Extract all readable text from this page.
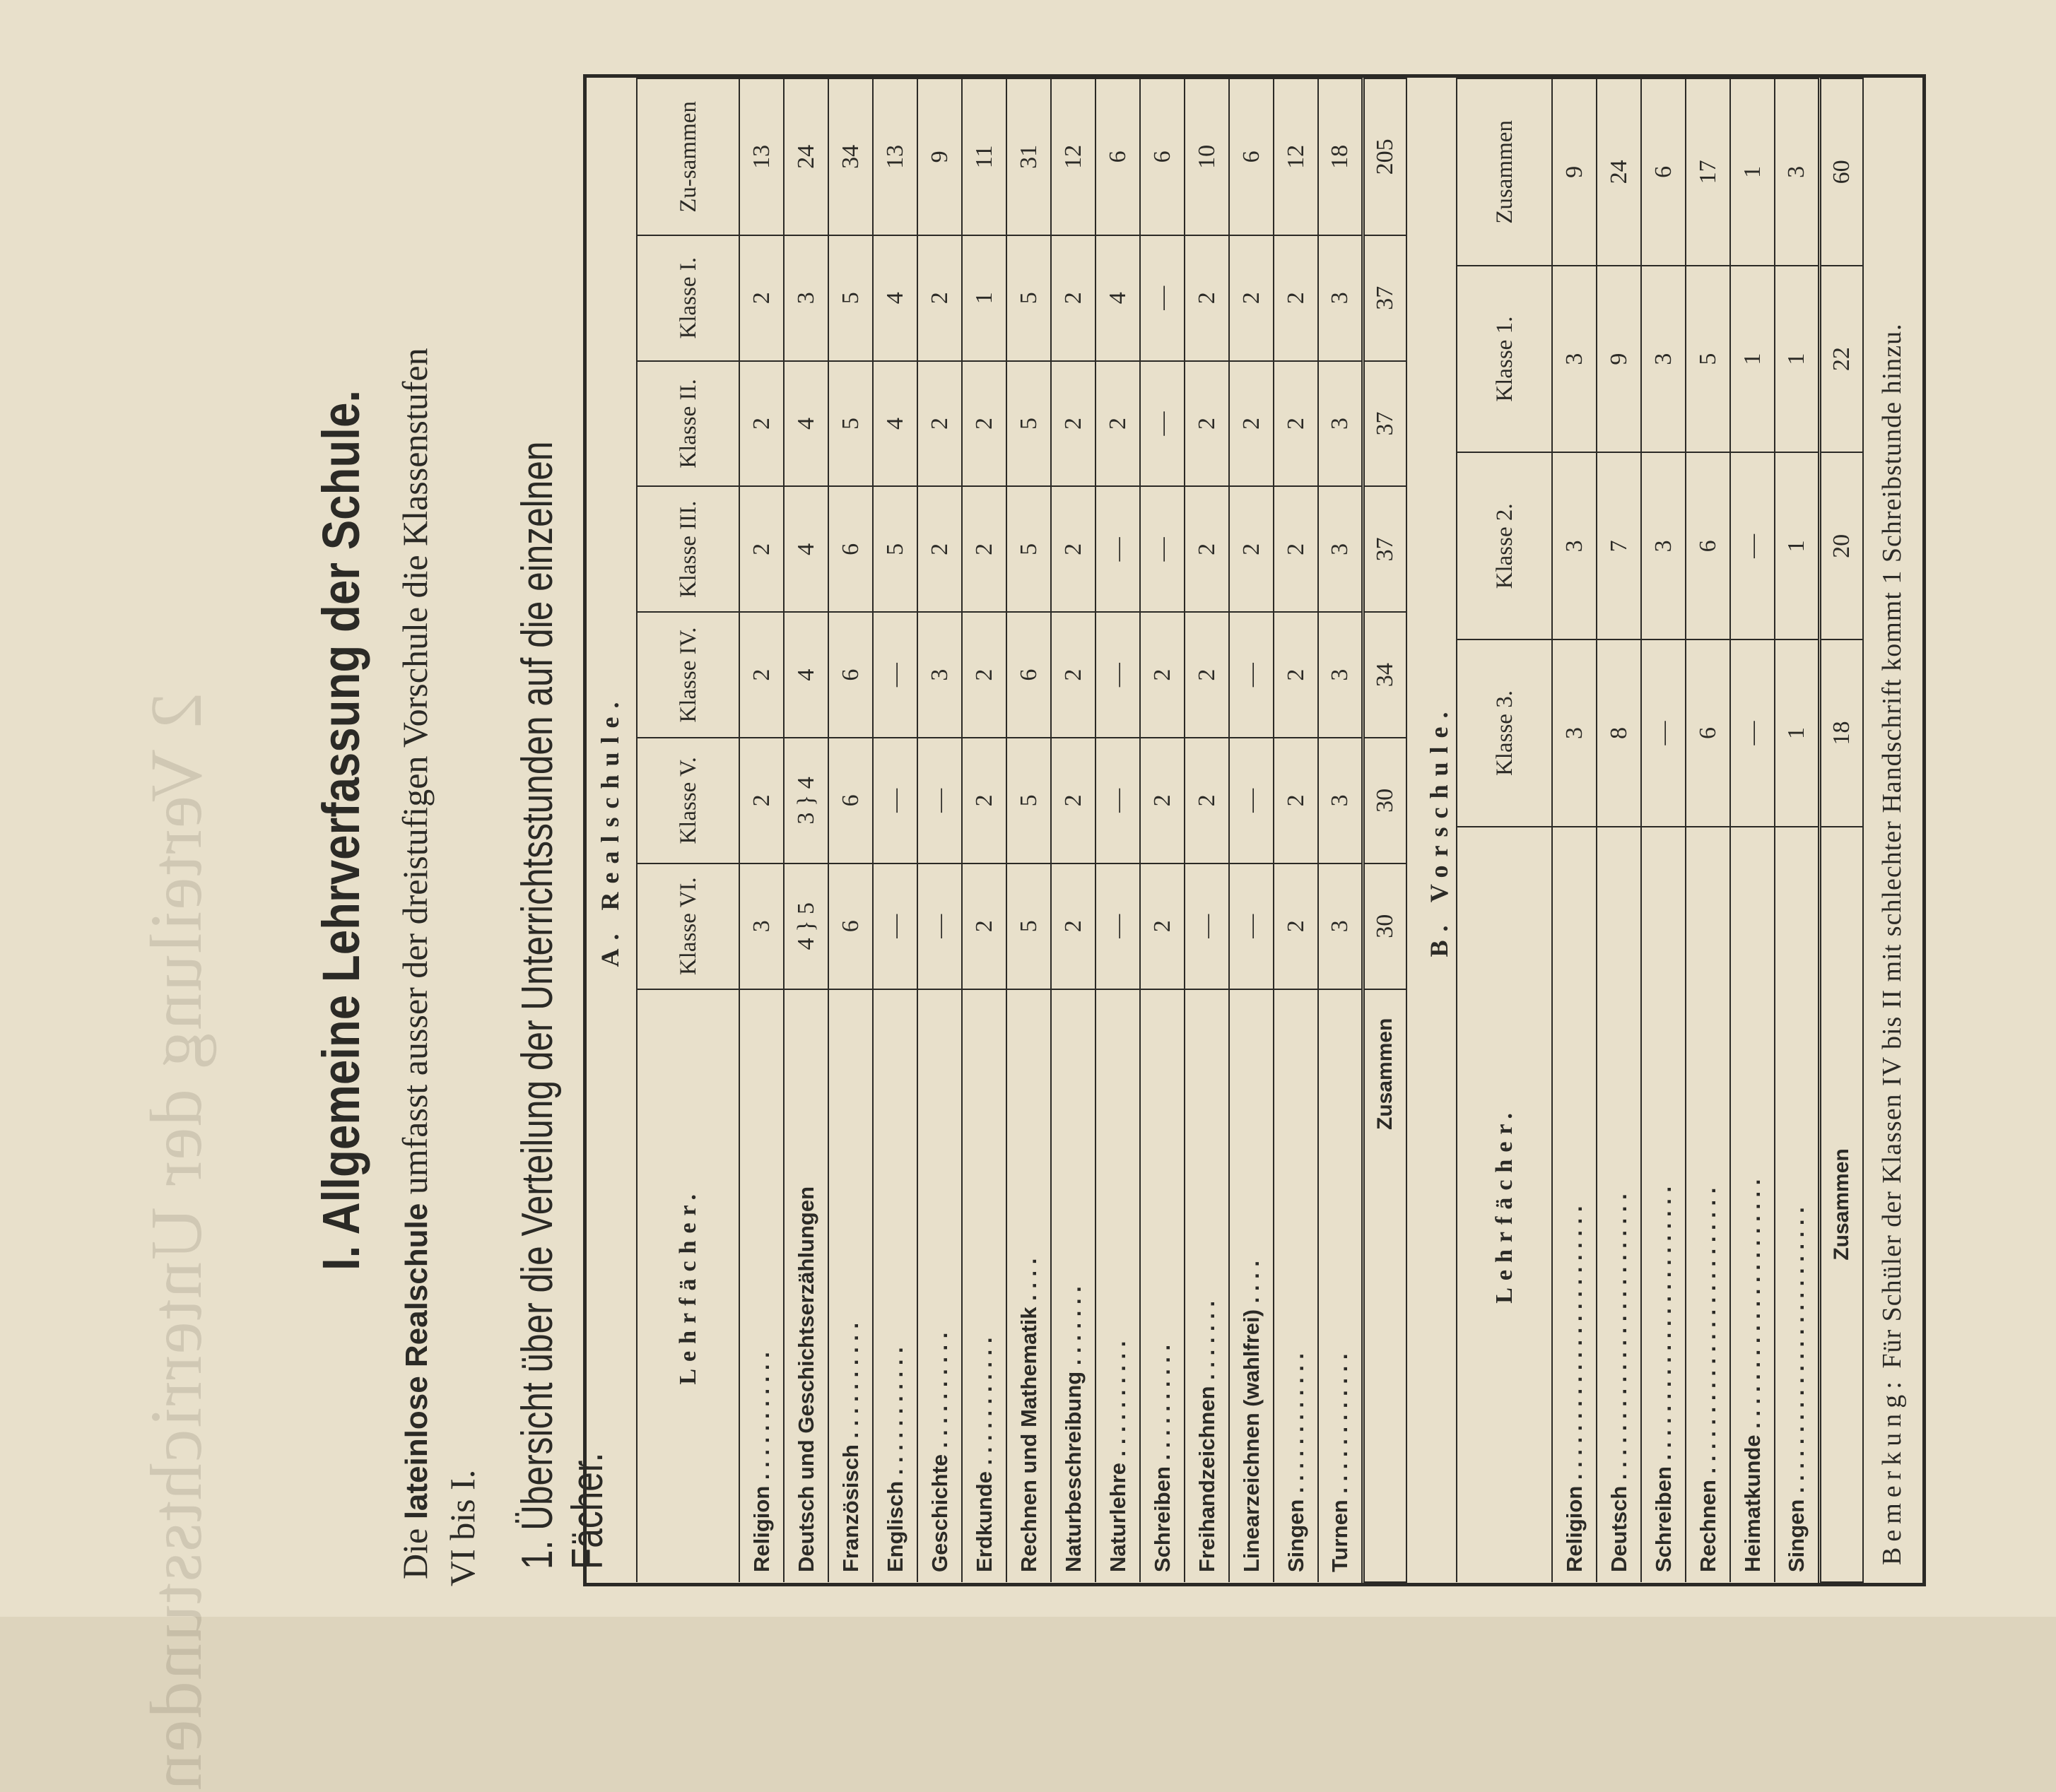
2 Verteilung der Unterrichtsstunden I. Allgemeine Lehrverfassung der Schule.
Die lateinlose Realschule umfasst ausser der dreistufigen Vorschule die Klassenstufen
VI bis I. 1. Übersicht über die Verteilung der Unterrichtsstunden auf die einzelnen Fächer.
A. Realschule.
Lehrfächer.	Klasse VI.	Klasse V.	Klasse IV.	Klasse III.	Klasse II.	Klasse I.	Zu-sammen
Religion . . . . . . . . . . .	3	2	2	2	2	2	13
Deutsch und Geschichtserzählungen	4 } 5	3 } 4	4	4	4	3	24
Französisch . . . . . . . . . .	6	6	6	6	5	5	34
Englisch . . . . . . . . . . .	—	—	—	5	4	4	13
Geschichte . . . . . . . . . .	—	—	3	2	2	2	9
Erdkunde . . . . . . . . . . .	2	2	2	2	2	1	11
Rechnen und Mathematik . . . .	5	5	6	5	5	5	31
Naturbeschreibung . . . . . . .	2	2	2	2	2	2	12
Naturlehre . . . . . . . . . .	—	—	—	—	2	4	6
Schreiben . . . . . . . . . .	2	2	2	—	—	—	6
Freihandzeichnen . . . . . . .	—	2	2	2	2	2	10
Linearzeichnen (wahlfrei) . . . .	—	—	—	2	2	2	6
Singen . . . . . . . . . . . .	2	2	2	2	2	2	12
Turnen . . . . . . . . . . . .	3	3	3	3	3	3	18
Zusammen	30	30	34	37	37	37	205
B. Vorschule.
Lehrfächer.	Klasse 3.	Klasse 2.	Klasse 1.	Zusammen
Religion . . . . . . . . . . . . . . . . . . . . . . .	3	3	3	9
Deutsch . . . . . . . . . . . . . . . . . . . . . . . .	8	7	9	24
Schreiben . . . . . . . . . . . . . . . . . . . . . . .	—	3	3	6
Rechnen . . . . . . . . . . . . . . . . . . . . . . . .	6	6	5	17
Heimatkunde . . . . . . . . . . . . . . . . . . . . .	—	—	1	1
Singen . . . . . . . . . . . . . . . . . . . . . . . .	1	1	1	3
Zusammen	18	20	22	60
Bemerkung: Für Schüler der Klassen IV bis II mit schlechter Handschrift kommt 1 Schreibstunde hinzu.
